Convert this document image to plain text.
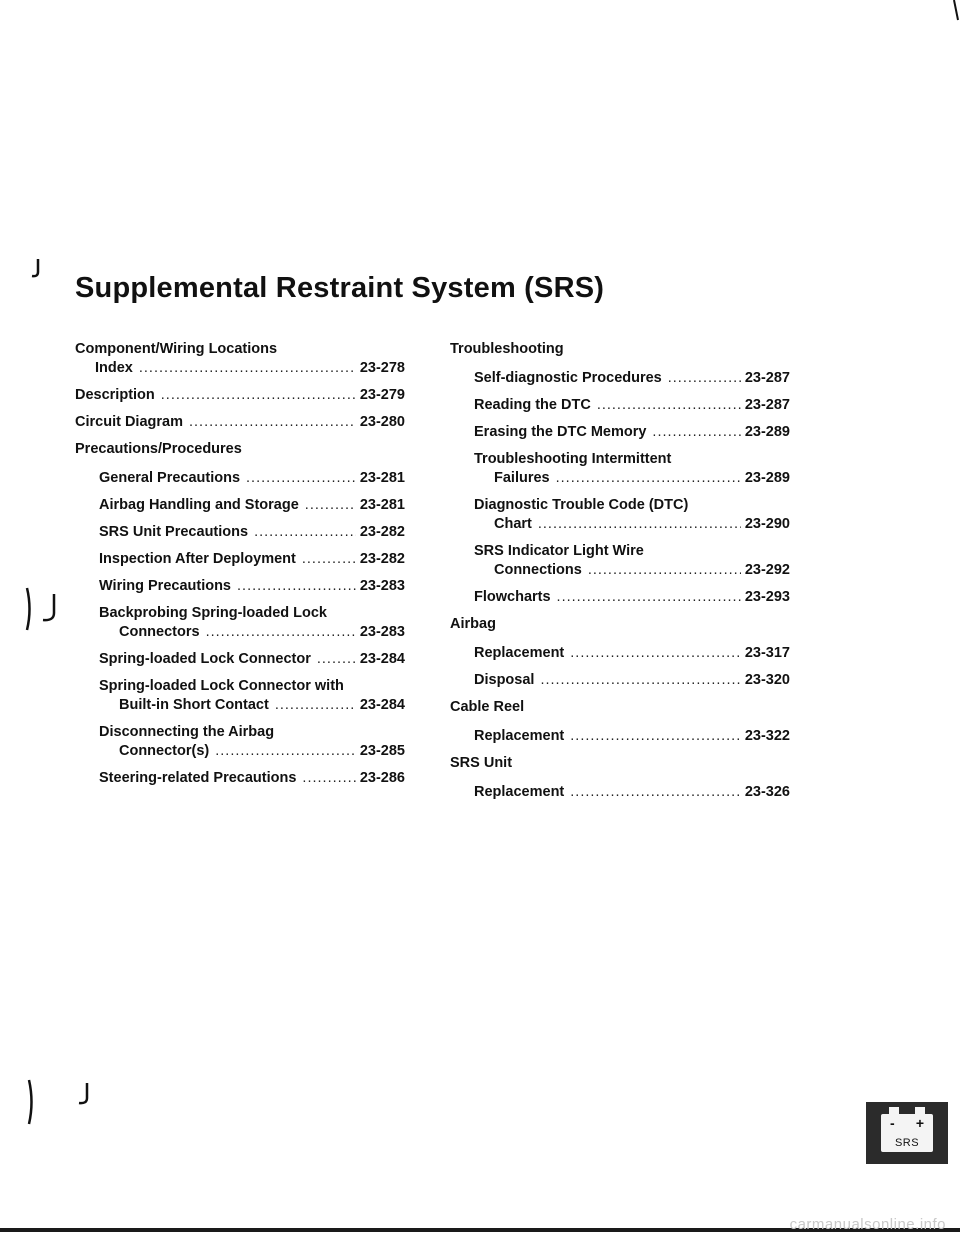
Supplemental Restraint System (SRS)
Component/Wiring Locations
Index .....	23-278
Description .....	23-279
Circuit Diagram .....	23-280
Precautions/Procedures
General Precautions .....	23-281
Airbag Handling and Storage .....	23-281
SRS Unit Precautions .....	23-282
Inspection After Deployment .....	23-282
Wiring Precautions .....	23-283
Backprobing Spring-loaded Lock
Connectors .....	23-283
Spring-loaded Lock Connector .....	23-284
Spring-loaded Lock Connector with
Built-in Short Contact .....	23-284
Disconnecting the Airbag
Connector(s) .....	23-285
Steering-related Precautions .....	23-286
Troubleshooting
Self-diagnostic Procedures .....	23-287
Reading the DTC .....	23-287
Erasing the DTC Memory .....	23-289
Troubleshooting Intermittent
Failures .....	23-289
Diagnostic Trouble Code (DTC)
Chart .....	23-290
SRS Indicator Light Wire
Connections .....	23-292
Flowcharts .....	23-293
Airbag
Replacement .....	23-317
Disposal .....	23-320
Cable Reel
Replacement .....	23-322
SRS Unit
Replacement .....	23-326
- +
SRS
carmanualsonline.info
